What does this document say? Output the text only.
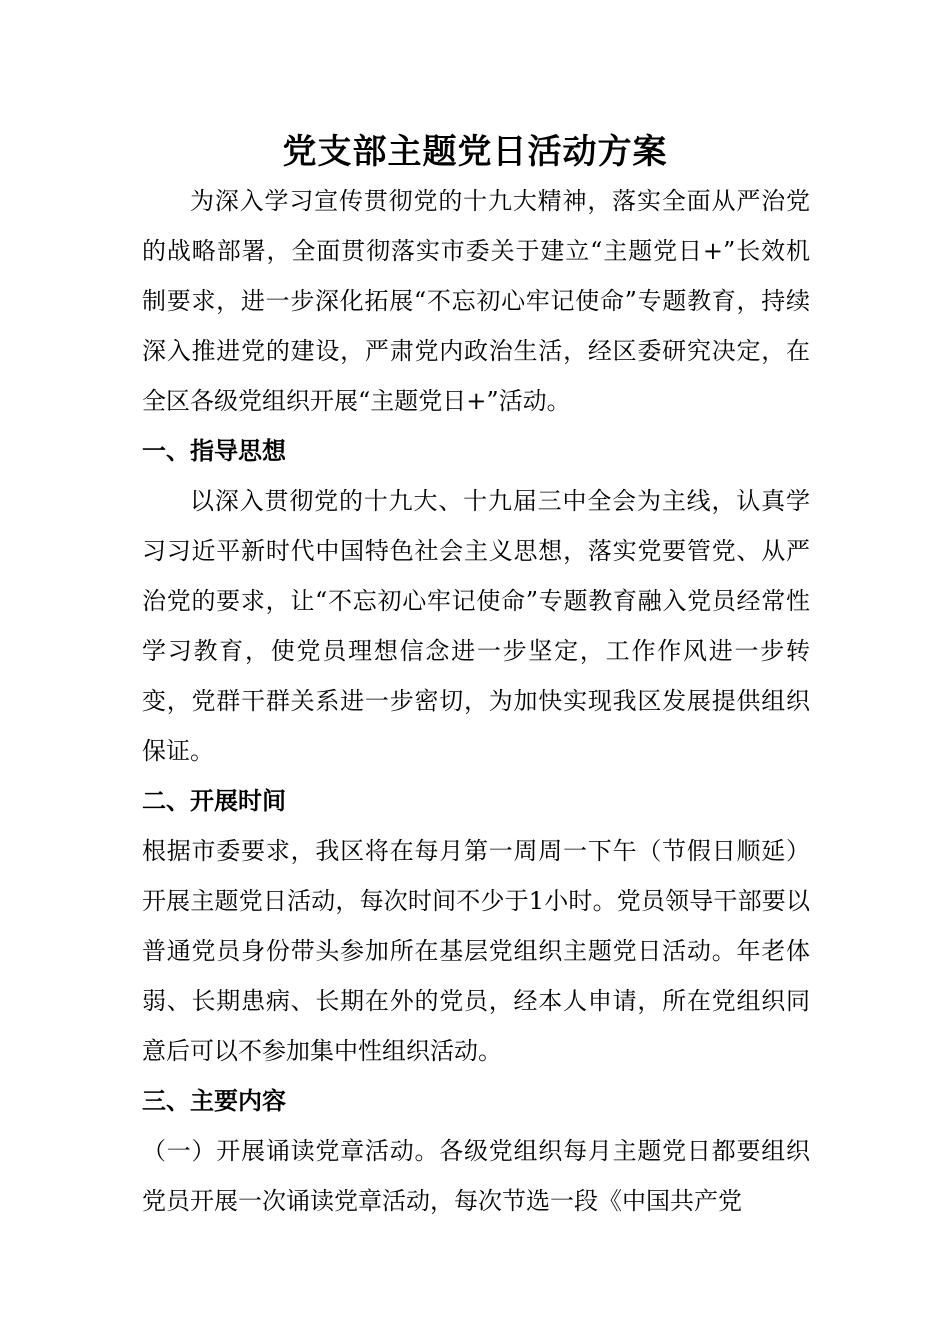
党支部主题党日活动方案

为深入学习宣传贯彻党的十九大精神，落实全面从严治党的战略部署，全面贯彻落实市委关于建立“主题党日+”长效机制要求，进一步深化拓展“不忘初心牢记使命”专题教育，持续深入推进党的建设，严肃党内政治生活，经区委研究决定，在全区各级党组织开展“主题党日+”活动。

一、指导思想

以深入贯彻党的十九大、十九届三中全会为主线，认真学习习近平新时代中国特色社会主义思想，落实党要管党、从严治党的要求，让“不忘初心牢记使命”专题教育融入党员经常性学习教育，使党员理想信念进一步坚定，工作作风进一步转变，党群干群关系进一步密切，为加快实现我区发展提供组织保证。

二、开展时间

根据市委要求，我区将在每月第一周周一下午（节假日顺延）开展主题党日活动，每次时间不少于1小时。党员领导干部要以普通党员身份带头参加所在基层党组织主题党日活动。年老体弱、长期患病、长期在外的党员，经本人申请，所在党组织同意后可以不参加集中性组织活动。

三、主要内容

（一）开展诵读党章活动。各级党组织每月主题党日都要组织党员开展一次诵读党章活动，每次节选一段《中国共产党
